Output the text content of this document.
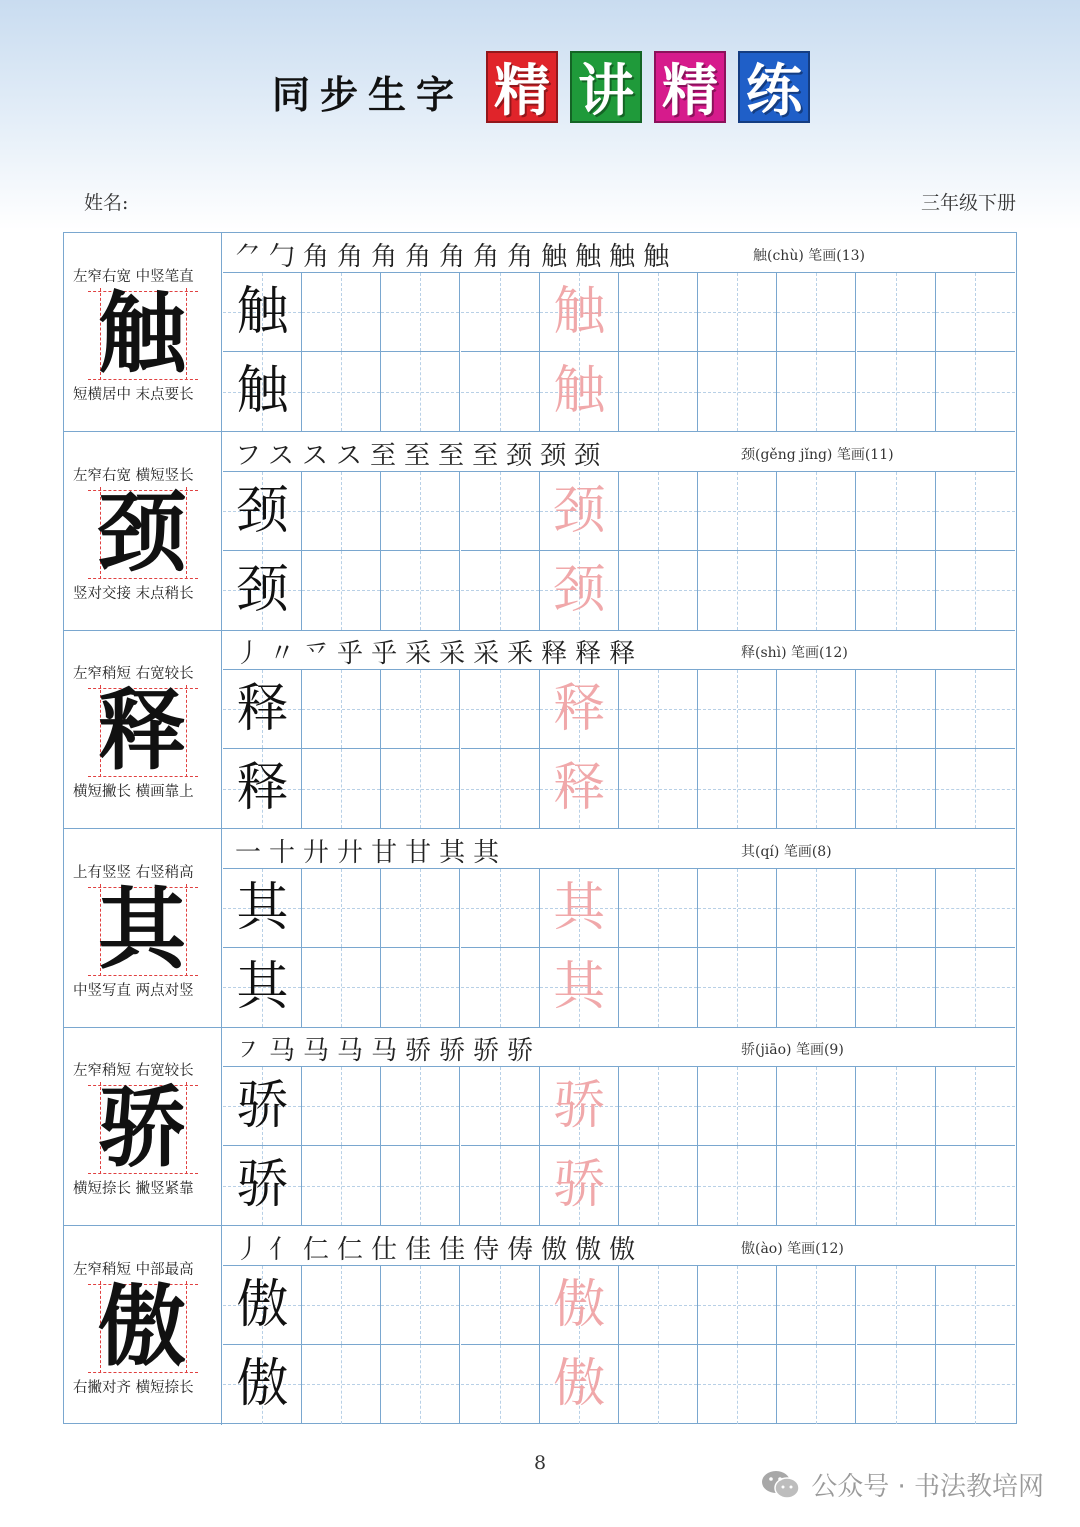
同步生字 精 讲 精 练
姓名:	三年级下册
左窄右宽 中竖笔直
触
短横居中 末点要长
⺈勹角角角角角角角触触触触	触(chù) 笔画(13)
触	触
触	触
左窄右宽 横短竖长
颈
竖对交接 末点稍长
フススス至至至至颈颈颈	颈(gěng jǐng) 笔画(11)
颈	颈
颈	颈
左窄稍短 右宽较长
释
横短撇长 横画靠上
丿〃乊乎乎采采采釆释释释	释(shì) 笔画(12)
释	释
释	释
上有竖竖 右竖稍高
其
中竖写直 两点对竖
一十廾廾甘甘其其	其(qí) 笔画(8)
其	其
其	其
左窄稍短 右宽较长
骄
横短捺长 撇竖紧靠
㇇马马马马骄骄骄骄	骄(jiāo) 笔画(9)
骄	骄
骄	骄
左窄稍短 中部最高
傲
右撇对齐 横短捺长
丿亻仁仁仕佳佳侍俦傲傲傲	傲(ào) 笔画(12)
傲	傲
傲	傲
8
公众号 · 书法教培网
